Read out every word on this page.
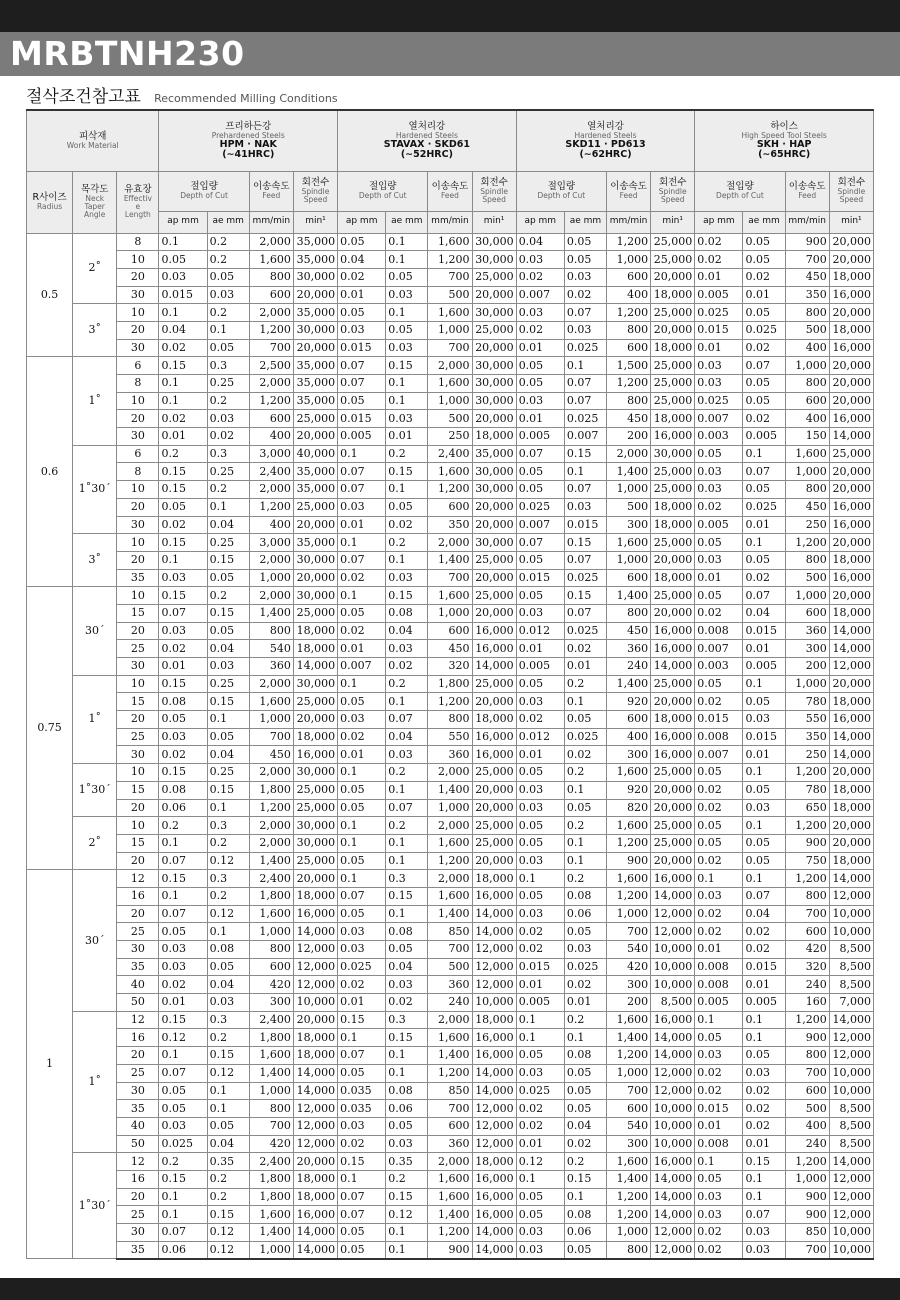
MRBTNH230
절삭조건참고표 Recommended Milling Conditions
피삭재
Work Material			프리하든강
Prehardened Steels
HPM · NAK
(∼41HRC)				열처리강
Hardened Steels
STAVAX · SKD61
(∼52HRC)				열처리강
Hardened Steels
SKD11 · PD613
(∼62HRC)				하이스
High Speed Tool Steels
SKH · HAP
(∼65HRC)			

R사이즈
Radius	목각도
Neck
Taper
Angle	유효장
Effectiv
e
Length	절입량
Depth of Cut		이송속도
Feed	회전수
Spindle
Speed	절입량
Depth of Cut		이송속도
Feed	회전수
Spindle
Speed	절입량
Depth of Cut		이송속도
Feed	회전수
Spindle
Speed	절입량
Depth of Cut		이송속도
Feed	회전수
Spindle
Speed

			ap mm	ae mm	mm/min	min¹	ap mm	ae mm	mm/min	min¹	ap mm	ae mm	mm/min	min¹	ap mm	ae mm	mm/min	min¹
0.5	2˚	8	0.1	0.2	2,000	35,000	0.05	0.1	1,600	30,000	0.04	0.05	1,200	25,000	0.02	0.05	900	20,000
		10	0.05	0.2	1,600	35,000	0.04	0.1	1,200	30,000	0.03	0.05	1,000	25,000	0.02	0.05	700	20,000
		20	0.03	0.05	800	30,000	0.02	0.05	700	25,000	0.02	0.03	600	20,000	0.01	0.02	450	18,000
		30	0.015	0.03	600	20,000	0.01	0.03	500	20,000	0.007	0.02	400	18,000	0.005	0.01	350	16,000
	3˚	10	0.1	0.2	2,000	35,000	0.05	0.1	1,600	30,000	0.03	0.07	1,200	25,000	0.025	0.05	800	20,000
		20	0.04	0.1	1,200	30,000	0.03	0.05	1,000	25,000	0.02	0.03	800	20,000	0.015	0.025	500	18,000
		30	0.02	0.05	700	20,000	0.015	0.03	700	20,000	0.01	0.025	600	18,000	0.01	0.02	400	16,000
0.6	1˚	6	0.15	0.3	2,500	35,000	0.07	0.15	2,000	30,000	0.05	0.1	1,500	25,000	0.03	0.07	1,000	20,000
		8	0.1	0.25	2,000	35,000	0.07	0.1	1,600	30,000	0.05	0.07	1,200	25,000	0.03	0.05	800	20,000
		10	0.1	0.2	1,200	35,000	0.05	0.1	1,000	30,000	0.03	0.07	800	25,000	0.025	0.05	600	20,000
		20	0.02	0.03	600	25,000	0.015	0.03	500	20,000	0.01	0.025	450	18,000	0.007	0.02	400	16,000
		30	0.01	0.02	400	20,000	0.005	0.01	250	18,000	0.005	0.007	200	16,000	0.003	0.005	150	14,000
	1˚30´	6	0.2	0.3	3,000	40,000	0.1	0.2	2,400	35,000	0.07	0.15	2,000	30,000	0.05	0.1	1,600	25,000
		8	0.15	0.25	2,400	35,000	0.07	0.15	1,600	30,000	0.05	0.1	1,400	25,000	0.03	0.07	1,000	20,000
		10	0.15	0.2	2,000	35,000	0.07	0.1	1,200	30,000	0.05	0.07	1,000	25,000	0.03	0.05	800	20,000
		20	0.05	0.1	1,200	25,000	0.03	0.05	600	20,000	0.025	0.03	500	18,000	0.02	0.025	450	16,000
		30	0.02	0.04	400	20,000	0.01	0.02	350	20,000	0.007	0.015	300	18,000	0.005	0.01	250	16,000
	3˚	10	0.15	0.25	3,000	35,000	0.1	0.2	2,000	30,000	0.07	0.15	1,600	25,000	0.05	0.1	1,200	20,000
		20	0.1	0.15	2,000	30,000	0.07	0.1	1,400	25,000	0.05	0.07	1,000	20,000	0.03	0.05	800	18,000
		35	0.03	0.05	1,000	20,000	0.02	0.03	700	20,000	0.015	0.025	600	18,000	0.01	0.02	500	16,000
0.75	30´	10	0.15	0.2	2,000	30,000	0.1	0.15	1,600	25,000	0.05	0.15	1,400	25,000	0.05	0.07	1,000	20,000
		15	0.07	0.15	1,400	25,000	0.05	0.08	1,000	20,000	0.03	0.07	800	20,000	0.02	0.04	600	18,000
		20	0.03	0.05	800	18,000	0.02	0.04	600	16,000	0.012	0.025	450	16,000	0.008	0.015	360	14,000
		25	0.02	0.04	540	18,000	0.01	0.03	450	16,000	0.01	0.02	360	16,000	0.007	0.01	300	14,000
		30	0.01	0.03	360	14,000	0.007	0.02	320	14,000	0.005	0.01	240	14,000	0.003	0.005	200	12,000
	1˚	10	0.15	0.25	2,000	30,000	0.1	0.2	1,800	25,000	0.05	0.2	1,400	25,000	0.05	0.1	1,000	20,000
		15	0.08	0.15	1,600	25,000	0.05	0.1	1,200	20,000	0.03	0.1	920	20,000	0.02	0.05	780	18,000
		20	0.05	0.1	1,000	20,000	0.03	0.07	800	18,000	0.02	0.05	600	18,000	0.015	0.03	550	16,000
		25	0.03	0.05	700	18,000	0.02	0.04	550	16,000	0.012	0.025	400	16,000	0.008	0.015	350	14,000
		30	0.02	0.04	450	16,000	0.01	0.03	360	16,000	0.01	0.02	300	16,000	0.007	0.01	250	14,000
	1˚30´	10	0.15	0.25	2,000	30,000	0.1	0.2	2,000	25,000	0.05	0.2	1,600	25,000	0.05	0.1	1,200	20,000
		15	0.08	0.15	1,800	25,000	0.05	0.1	1,400	20,000	0.03	0.1	920	20,000	0.02	0.05	780	18,000
		20	0.06	0.1	1,200	25,000	0.05	0.07	1,000	20,000	0.03	0.05	820	20,000	0.02	0.03	650	18,000
	2˚	10	0.2	0.3	2,000	30,000	0.1	0.2	2,000	25,000	0.05	0.2	1,600	25,000	0.05	0.1	1,200	20,000
		15	0.1	0.2	2,000	30,000	0.1	0.1	1,600	25,000	0.05	0.1	1,200	25,000	0.05	0.05	900	20,000
		20	0.07	0.12	1,400	25,000	0.05	0.1	1,200	20,000	0.03	0.1	900	20,000	0.02	0.05	750	18,000
1	30´	12	0.15	0.3	2,400	20,000	0.1	0.3	2,000	18,000	0.1	0.2	1,600	16,000	0.1	0.1	1,200	14,000
		16	0.1	0.2	1,800	18,000	0.07	0.15	1,600	16,000	0.05	0.08	1,200	14,000	0.03	0.07	800	12,000
		20	0.07	0.12	1,600	16,000	0.05	0.1	1,400	14,000	0.03	0.06	1,000	12,000	0.02	0.04	700	10,000
		25	0.05	0.1	1,000	14,000	0.03	0.08	850	14,000	0.02	0.05	700	12,000	0.02	0.02	600	10,000
		30	0.03	0.08	800	12,000	0.03	0.05	700	12,000	0.02	0.03	540	10,000	0.01	0.02	420	8,500
		35	0.03	0.05	600	12,000	0.025	0.04	500	12,000	0.015	0.025	420	10,000	0.008	0.015	320	8,500
		40	0.02	0.04	420	12,000	0.02	0.03	360	12,000	0.01	0.02	300	10,000	0.008	0.01	240	8,500
		50	0.01	0.03	300	10,000	0.01	0.02	240	10,000	0.005	0.01	200	8,500	0.005	0.005	160	7,000
	1˚	12	0.15	0.3	2,400	20,000	0.15	0.3	2,000	18,000	0.1	0.2	1,600	16,000	0.1	0.1	1,200	14,000
		16	0.12	0.2	1,800	18,000	0.1	0.15	1,600	16,000	0.1	0.1	1,400	14,000	0.05	0.1	900	12,000
		20	0.1	0.15	1,600	18,000	0.07	0.1	1,400	16,000	0.05	0.08	1,200	14,000	0.03	0.05	800	12,000
		25	0.07	0.12	1,400	14,000	0.05	0.1	1,200	14,000	0.03	0.05	1,000	12,000	0.02	0.03	700	10,000
		30	0.05	0.1	1,000	14,000	0.035	0.08	850	14,000	0.025	0.05	700	12,000	0.02	0.02	600	10,000
		35	0.05	0.1	800	12,000	0.035	0.06	700	12,000	0.02	0.05	600	10,000	0.015	0.02	500	8,500
		40	0.03	0.05	700	12,000	0.03	0.05	600	12,000	0.02	0.04	540	10,000	0.01	0.02	400	8,500
		50	0.025	0.04	420	12,000	0.02	0.03	360	12,000	0.01	0.02	300	10,000	0.008	0.01	240	8,500
	1˚30´	12	0.2	0.35	2,400	20,000	0.15	0.35	2,000	18,000	0.12	0.2	1,600	16,000	0.1	0.15	1,200	14,000
		16	0.15	0.2	1,800	18,000	0.1	0.2	1,600	16,000	0.1	0.15	1,400	14,000	0.05	0.1	1,000	12,000
		20	0.1	0.2	1,800	18,000	0.07	0.15	1,600	16,000	0.05	0.1	1,200	14,000	0.03	0.1	900	12,000
		25	0.1	0.15	1,600	16,000	0.07	0.12	1,400	16,000	0.05	0.08	1,200	14,000	0.03	0.07	900	12,000
		30	0.07	0.12	1,400	14,000	0.05	0.1	1,200	14,000	0.03	0.06	1,000	12,000	0.02	0.03	850	10,000
		35	0.06	0.12	1,000	14,000	0.05	0.1	900	14,000	0.03	0.05	800	12,000	0.02	0.03	700	10,000
